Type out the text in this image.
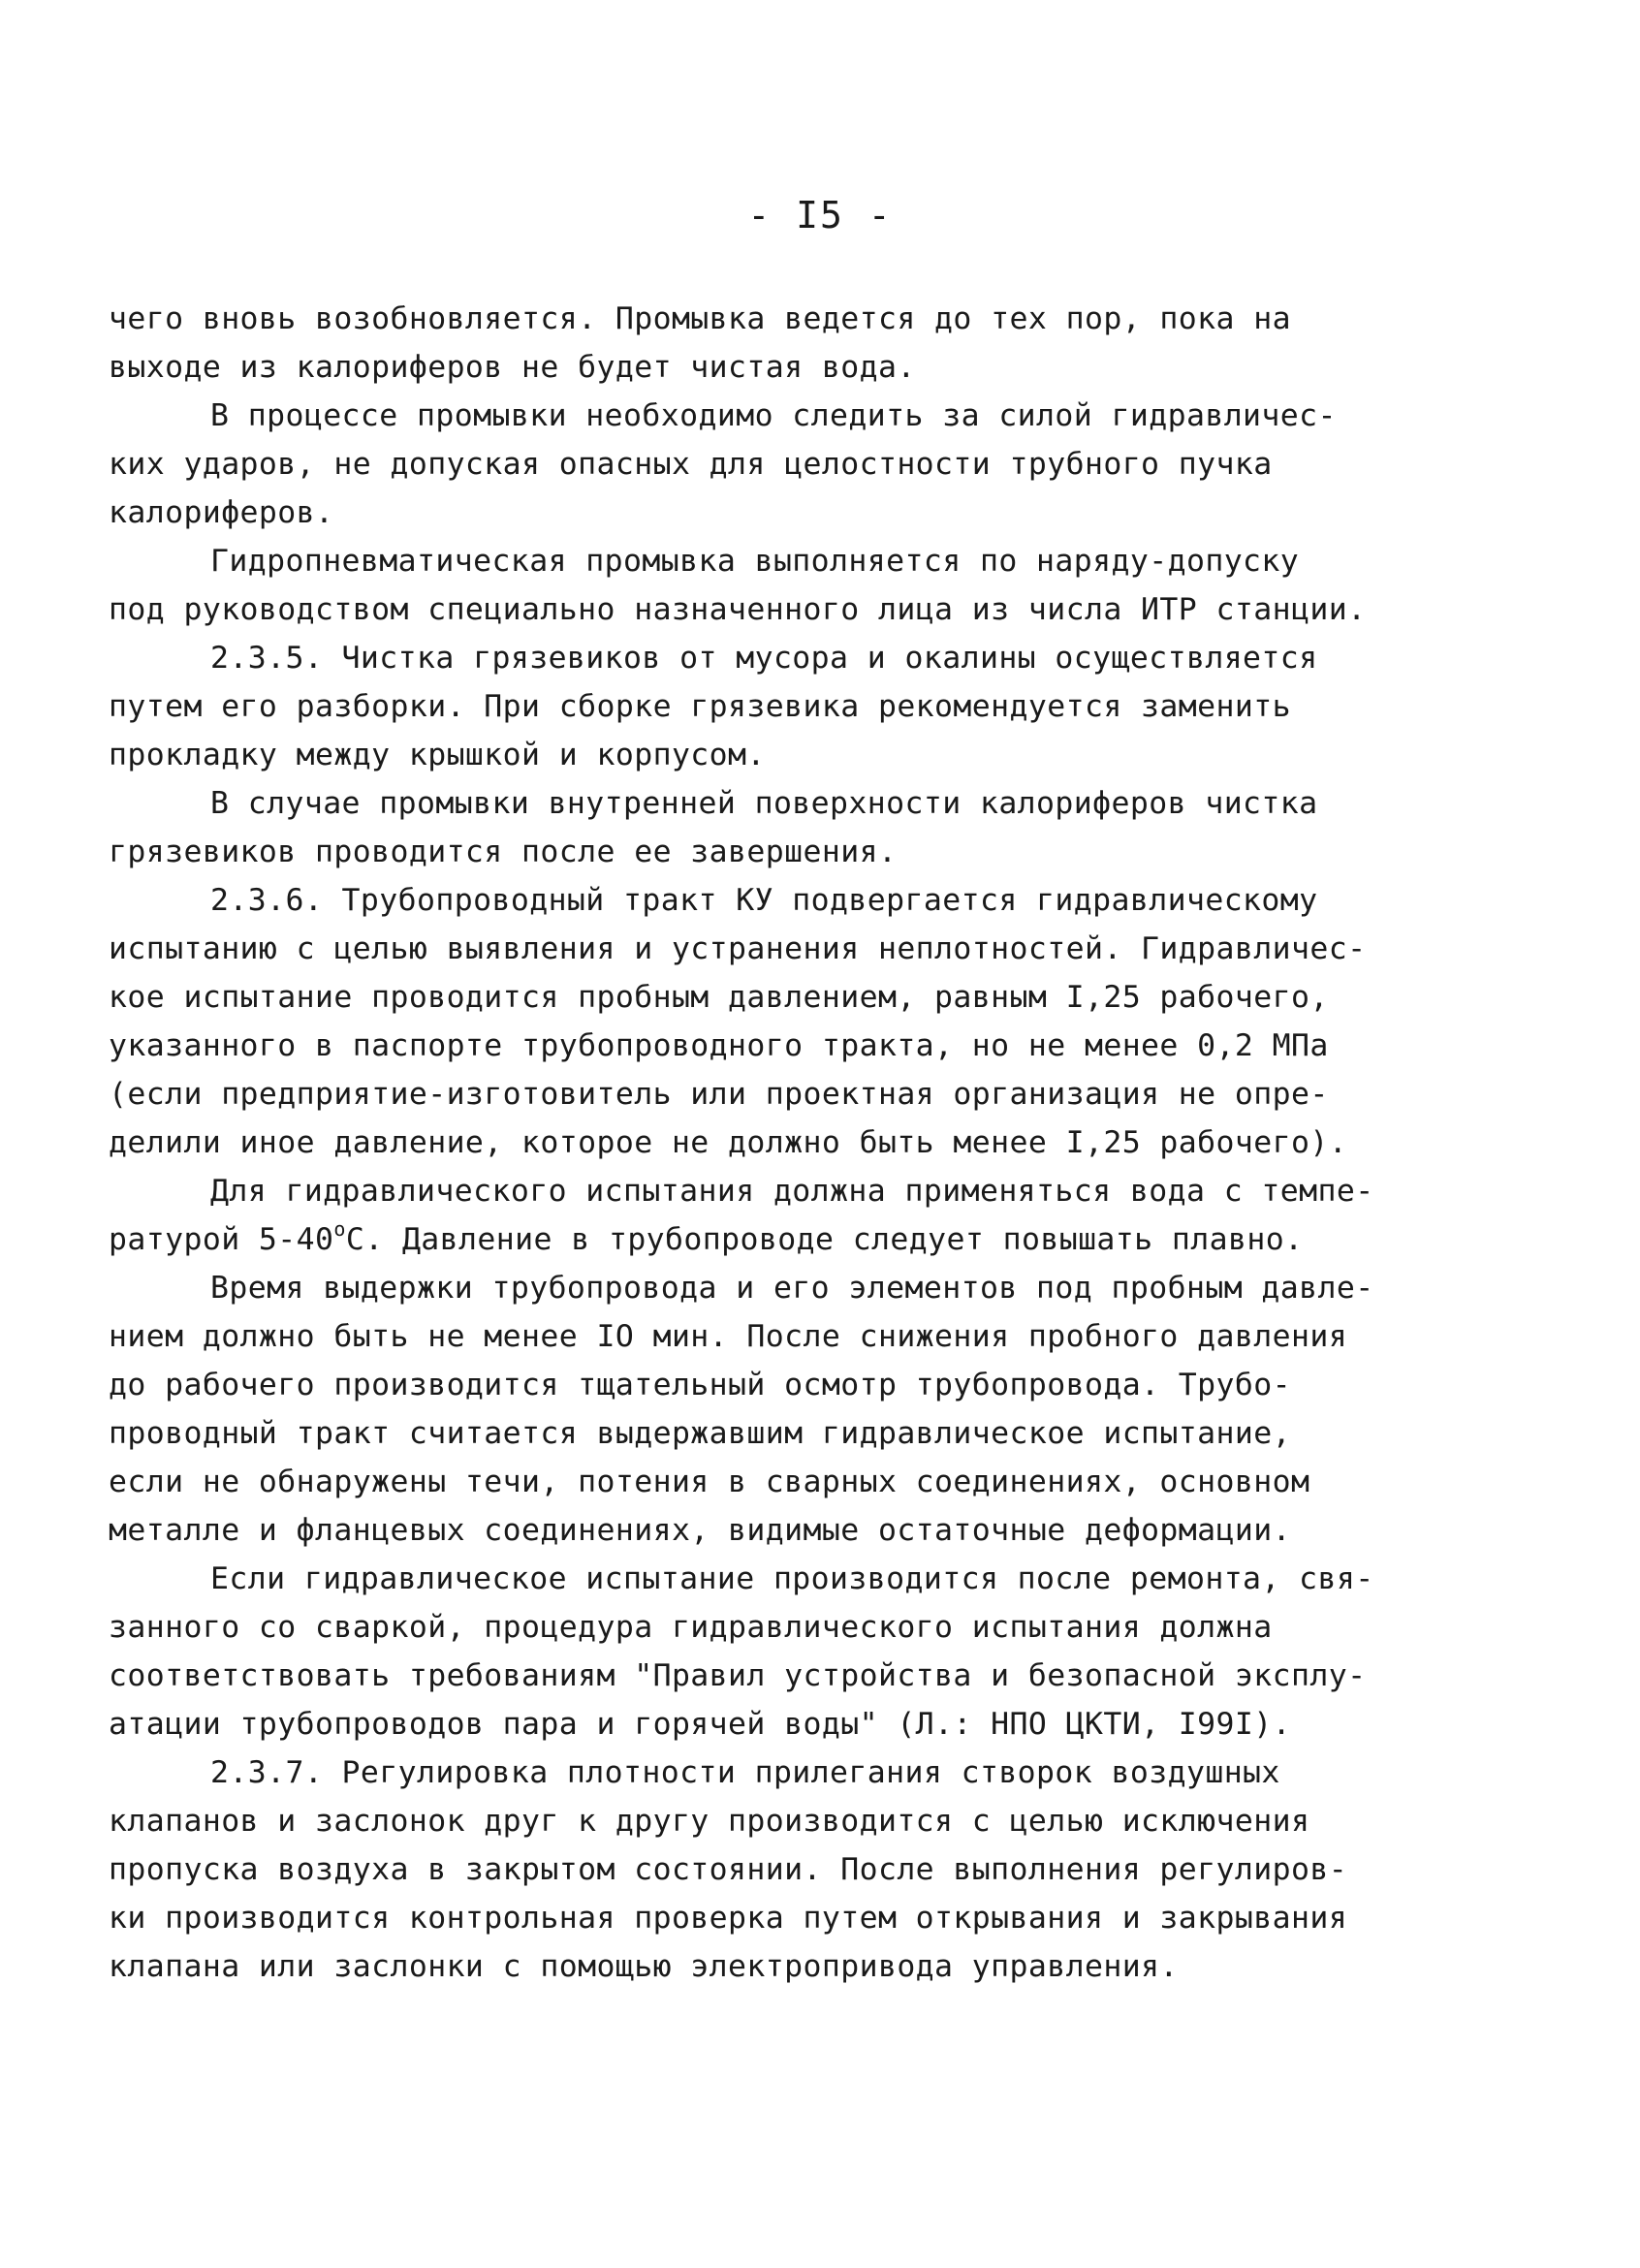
- I5 -
чего вновь возобновляется. Промывка ведется до тех пор, пока на
выходе из калориферов не будет чистая вода.
В процессе промывки необходимо следить за силой гидравличес-
ких ударов, не допуская опасных для целостности трубного пучка
калориферов.
Гидропневматическая промывка выполняется по наряду-допуску
под руководством специально назначенного лица из числа ИТР станции.
2.3.5. Чистка грязевиков от мусора и окалины осуществляется
путем его разборки. При сборке грязевика рекомендуется заменить
прокладку между крышкой и корпусом.
В случае промывки внутренней поверхности калориферов чистка
грязевиков проводится после ее завершения.
2.3.6. Трубопроводный тракт КУ подвергается гидравлическому
испытанию с целью выявления и устранения неплотностей. Гидравличес-
кое испытание проводится пробным давлением, равным I,25 рабочего,
указанного в паспорте трубопроводного тракта, но не менее 0,2 МПа
(если предприятие-изготовитель или проектная организация не опре-
делили иное давление, которое не должно быть менее I,25 рабочего).
Для гидравлического испытания должна применяться вода с темпе-
ратурой $5-40^оС$. Давление в трубопроводе следует повышать плавно.
Время выдержки трубопровода и его элементов под пробным давле-
нием должно быть не менее IO мин. После снижения пробного давления
до рабочего производится тщательный осмотр трубопровода. Трубо-
проводный тракт считается выдержавшим гидравлическое испытание,
если не обнаружены течи, потения в сварных соединениях, основном
металле и фланцевых соединениях, видимые остаточные деформации.
Если гидравлическое испытание производится после ремонта, свя-
занного со сваркой, процедура гидравлического испытания должна
соответствовать требованиям "Правил устройства и безопасной эксплу-
атации трубопроводов пара и горячей воды" (Л.: НПО ЦКТИ, I99I).
2.3.7. Регулировка плотности прилегания створок воздушных
клапанов и заслонок друг к другу производится с целью исключения
пропуска воздуха в закрытом состоянии. После выполнения регулиров-
ки производится контрольная проверка путем открывания и закрывания
клапана или заслонки с помощью электропривода управления.
